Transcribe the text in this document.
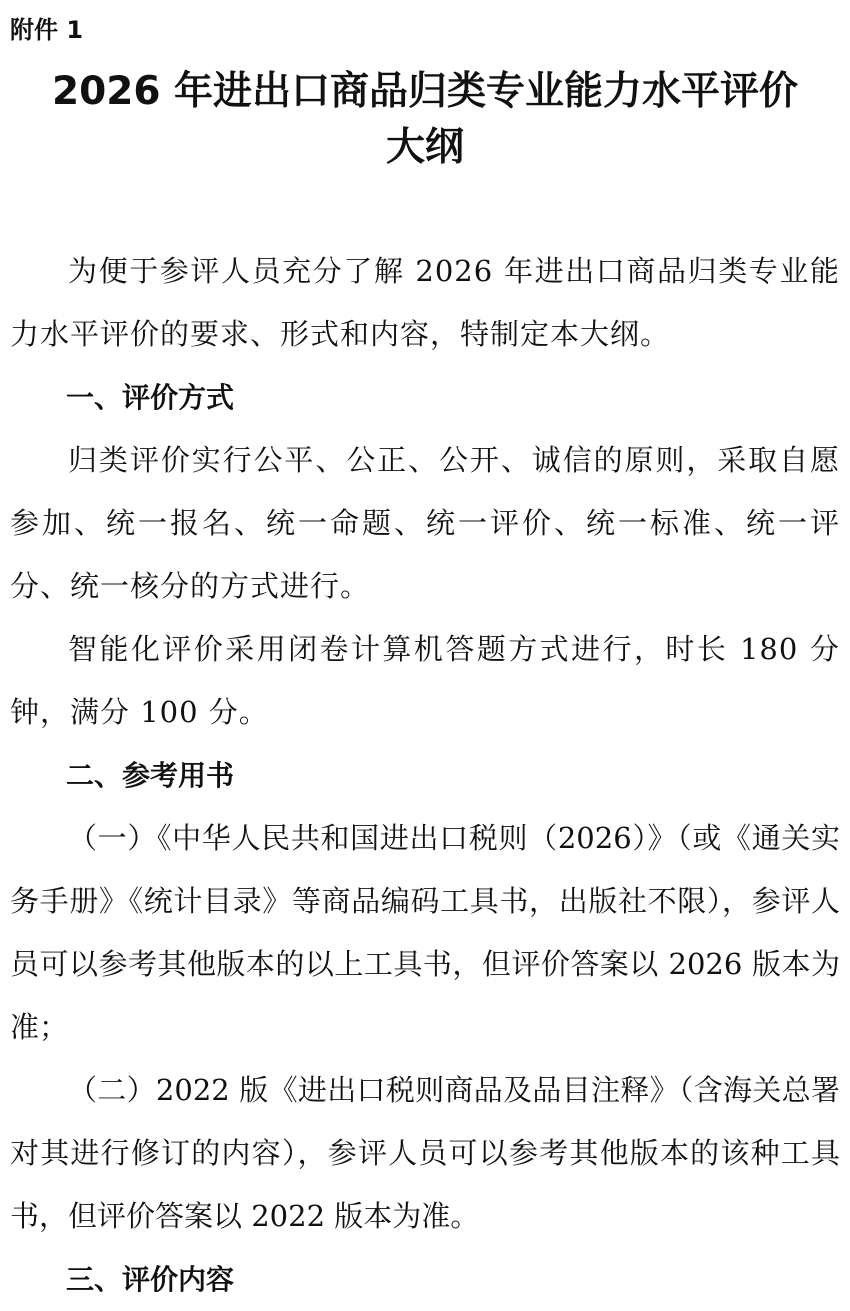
附件 1
2026 年进出口商品归类专业能力水平评价
大纲

为便于参评人员充分了解 2026 年进出口商品归类专业能力水平评价的要求、形式和内容，特制定本大纲。

一、评价方式

归类评价实行公平、公正、公开、诚信的原则，采取自愿参加、统一报名、统一命题、统一评价、统一标准、统一评分、统一核分的方式进行。

智能化评价采用闭卷计算机答题方式进行，时长 180 分钟，满分 100 分。

二、参考用书

（一）《中华人民共和国进出口税则（2026）》（或《通关实务手册》《统计目录》等商品编码工具书，出版社不限），参评人员可以参考其他版本的以上工具书，但评价答案以 2026 版本为准；

（二）2022 版《进出口税则商品及品目注释》（含海关总署对其进行修订的内容），参评人员可以参考其他版本的该种工具书，但评价答案以 2022 版本为准。

三、评价内容
